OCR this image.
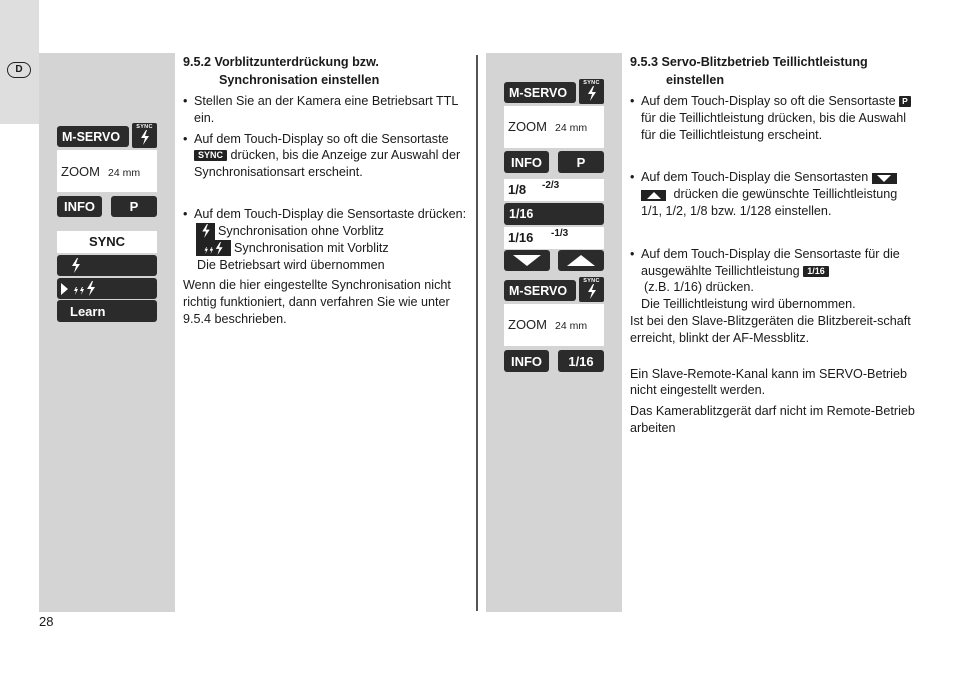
D
M-SERVO
SYNC
ZOOM 24 mm
INFO	P
SYNC
Learn
9.5.2 Vorblitzunterdrückung bzw.
Synchronisation einstellen
• Stellen Sie an der Kamera eine Betriebsart TTL ein.
• Auf dem Touch-Display so oft die Sensortaste SYNC drücken, bis die Anzeige zur Auswahl der Synchronisationsart erscheint.
• Auf dem Touch-Display die Sensortaste drücken:
Synchronisation ohne Vorblitz
Synchronisation mit Vorblitz
Die Betriebsart wird übernommen
Wenn die hier eingestellte Synchronisation nicht richtig funktioniert, dann verfahren Sie wie unter 9.5.4 beschrieben.
M-SERVO
SYNC
ZOOM 24 mm
INFO	P
1/8 -2/3
1/16
1/16 -1/3
M-SERVO
SYNC
ZOOM 24 mm
INFO	1/16
9.5.3 Servo-Blitzbetrieb Teillichtleistung
einstellen
• Auf dem Touch-Display so oft die Sensortaste P für die Teillichtleistung drücken, bis die Auswahl für die Teillichtleistung erscheint.
• Auf dem Touch-Display die Sensortasten
drücken die gewünschte Teillichtleistung 1/1, 1/2, 1/8 bzw. 1/128 einstellen.
• Auf dem Touch-Display die Sensortaste für die ausgewählte Teillichtleistung 1/16
(z.B. 1/16) drücken.
Die Teillichtleistung wird übernommen.
Ist bei den Slave-Blitzgeräten die Blitzbereit-schaft erreicht, blinkt der AF-Messblitz.
Ein Slave-Remote-Kanal kann im SERVO-Betrieb nicht eingestellt werden.
Das Kamerablitzgerät darf nicht im Remote-Betrieb arbeiten
28
